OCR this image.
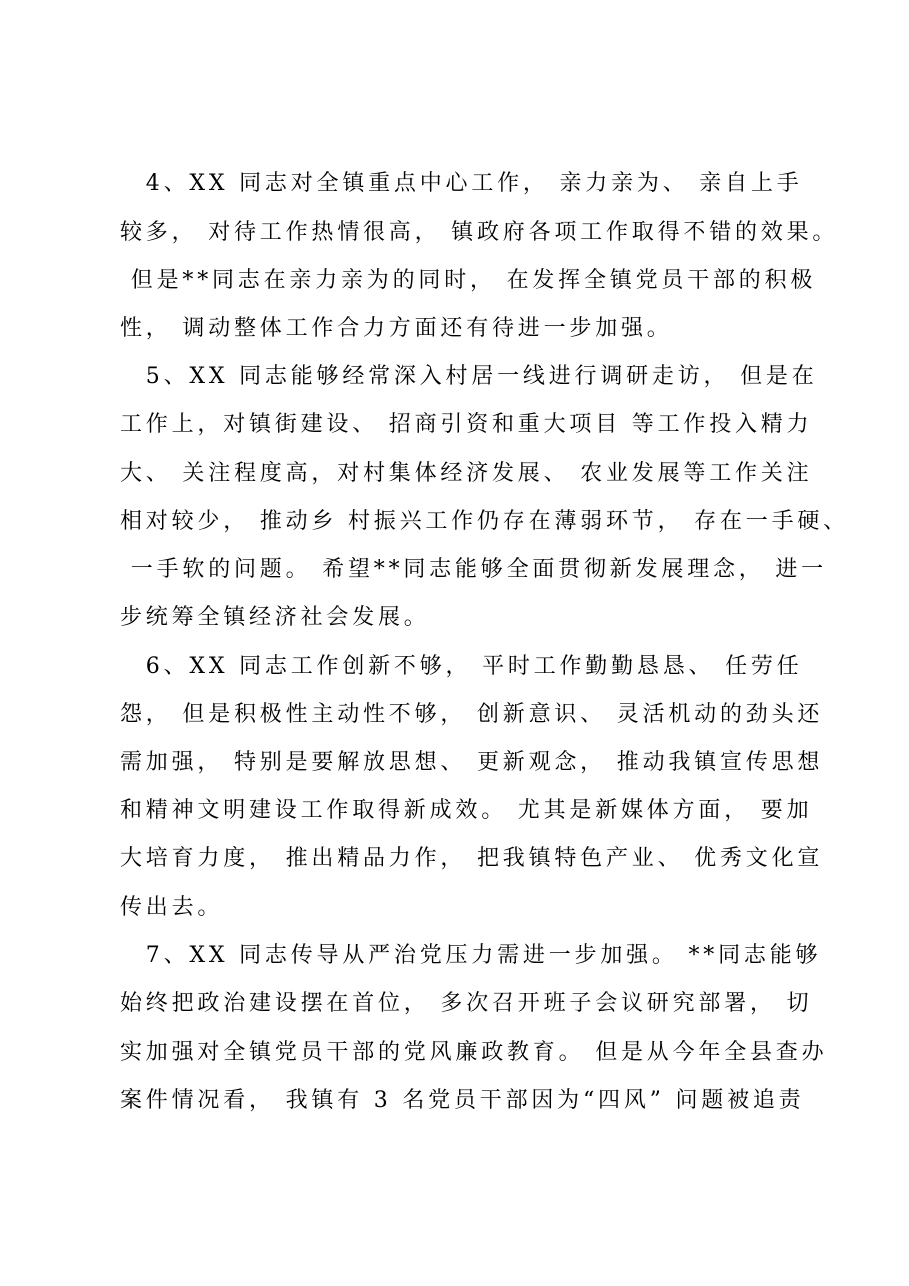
　4、XX 同志对全镇重点中心工作， 亲力亲为、 亲自上手
较多， 对待工作热情很高， 镇政府各项工作取得不错的效果。
但是**同志在亲力亲为的同时， 在发挥全镇党员干部的积极
性， 调动整体工作合力方面还有待进一步加强。
　5、XX 同志能够经常深入村居一线进行调研走访， 但是在
工作上，对镇街建设、 招商引资和重大项目 等工作投入精力
大、 关注程度高，对村集体经济发展、 农业发展等工作关注
相对较少， 推动乡 村振兴工作仍存在薄弱环节， 存在一手硬、
一手软的问题。 希望**同志能够全面贯彻新发展理念， 进一
步统筹全镇经济社会发展。
　6、XX 同志工作创新不够， 平时工作勤勤恳恳、 任劳任
怨， 但是积极性主动性不够， 创新意识、 灵活机动的劲头还
需加强， 特别是要解放思想、 更新观念， 推动我镇宣传思想
和精神文明建设工作取得新成效。 尤其是新媒体方面， 要加
大培育力度， 推出精品力作， 把我镇特色产业、 优秀文化宣
传出去。
　7、XX 同志传导从严治党压力需进一步加强。 **同志能够
始终把政治建设摆在首位， 多次召开班子会议研究部署， 切
实加强对全镇党员干部的党风廉政教育。 但是从今年全县查办
案件情况看， 我镇有 3 名党员干部因为“四风” 问题被追责
